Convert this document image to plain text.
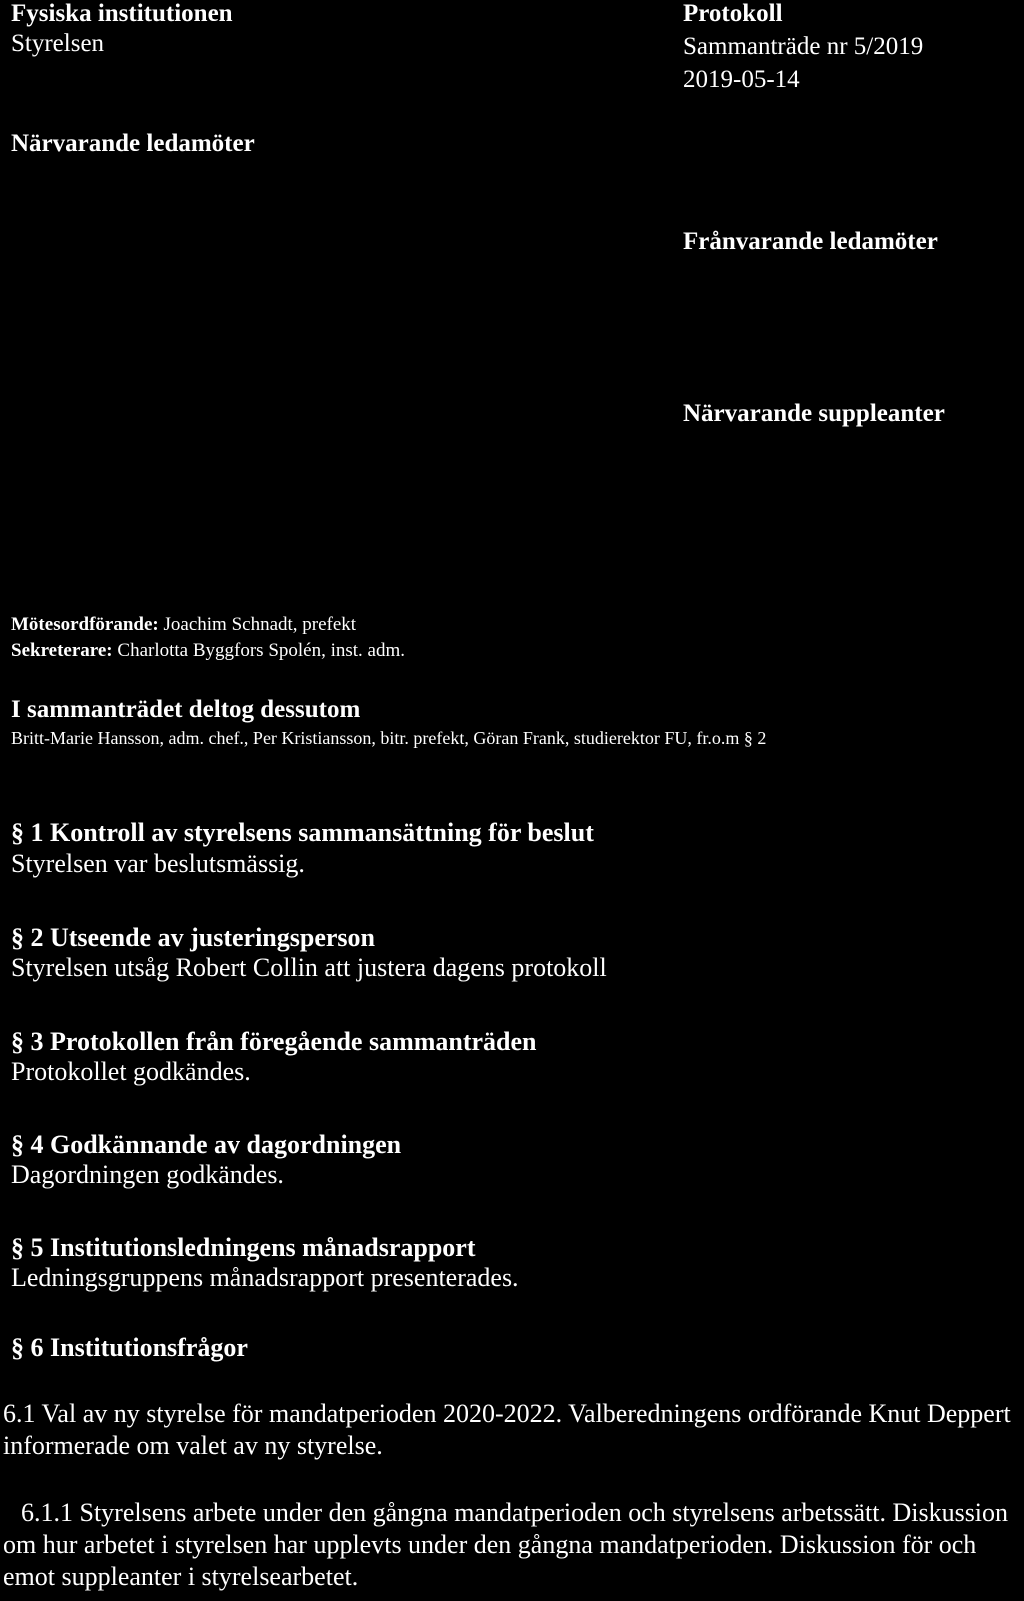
Fysiska institutionen
Styrelsen
Protokoll
Sammanträde nr 5/2019
2019-05-14
Närvarande ledamöter
Frånvarande ledamöter
Närvarande suppleanter
Mötesordförande: Joachim Schnadt, prefekt
Sekreterare: Charlotta Byggfors Spolén, inst. adm.
I sammanträdet deltog dessutom
Britt-Marie Hansson, adm. chef., Per Kristiansson, bitr. prefekt, Göran Frank, studierektor FU, fr.o.m § 2
§ 1 Kontroll av styrelsens sammansättning för beslut
Styrelsen var beslutsmässig.
§ 2 Utseende av justeringsperson
Styrelsen utsåg Robert Collin att justera dagens protokoll
§ 3 Protokollen från föregående sammanträden
Protokollet godkändes.
§ 4 Godkännande av dagordningen
Dagordningen godkändes.
§ 5 Institutionsledningens månadsrapport
Ledningsgruppens månadsrapport presenterades.
§ 6 Institutionsfrågor
6.1 Val av ny styrelse för mandatperioden 2020-2022. Valberedningens ordförande Knut Deppert informerade om valet av ny styrelse.
6.1.1 Styrelsens arbete under den gångna mandatperioden och styrelsens arbetssätt. Diskussion om hur arbetet i styrelsen har upplevts under den gångna mandatperioden. Diskussion för och emot suppleanter i styrelsearbetet.
